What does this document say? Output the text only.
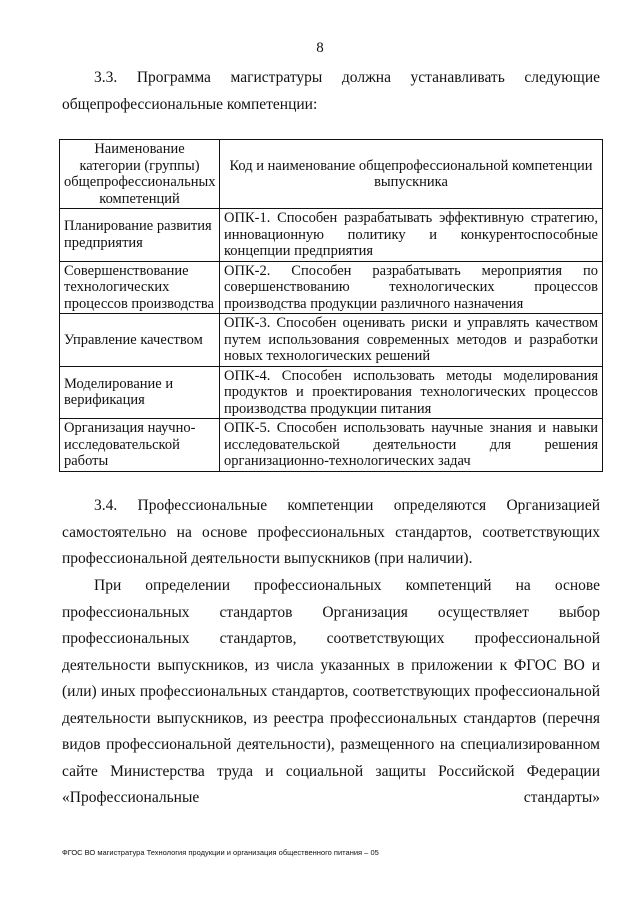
8
3.3. Программа магистратуры должна устанавливать следующие общепрофессиональные компетенции:
Наименование категории (группы) общепрофессиональных компетенций	Код и наименование общепрофессиональной компетенции выпускника
Планирование развития предприятия	ОПК-1. Способен разрабатывать эффективную стратегию, инновационную политику и конкурентоспособные концепции предприятия
Совершенствование технологических процессов производства	ОПК-2. Способен разрабатывать мероприятия по совершенствованию технологических процессов производства продукции различного назначения
Управление качеством	ОПК-3. Способен оценивать риски и управлять качеством путем использования современных методов и разработки новых технологических решений
Моделирование и верификация	ОПК-4. Способен использовать методы моделирования продуктов и проектирования технологических процессов производства продукции питания
Организация научно-исследовательской работы	ОПК-5. Способен использовать научные знания и навыки исследовательской деятельности для решения организационно-технологических задач
3.4. Профессиональные компетенции определяются Организацией самостоятельно на основе профессиональных стандартов, соответствующих профессиональной деятельности выпускников (при наличии).
При определении профессиональных компетенций на основе профессиональных стандартов Организация осуществляет выбор профессиональных стандартов, соответствующих профессиональной деятельности выпускников, из числа указанных в приложении к ФГОС ВО и (или) иных профессиональных стандартов, соответствующих профессиональной деятельности выпускников, из реестра профессиональных стандартов (перечня видов профессиональной деятельности), размещенного на специализированном сайте Министерства труда и социальной защиты Российской Федерации «Профессиональные стандарты»
ФГОС ВО магистратура Технология продукции и организация общественного питания – 05
